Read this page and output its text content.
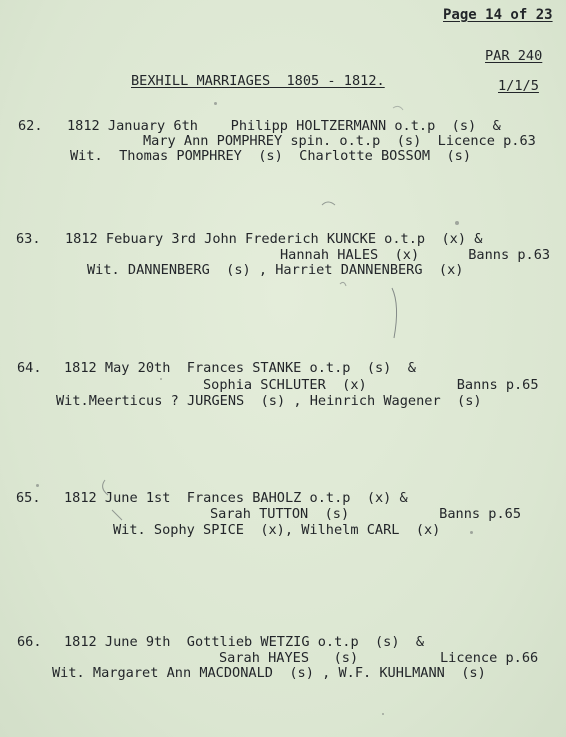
Page 14 of 23
PAR 240
BEXHILL MARRIAGES  1805 - 1812.	1/1/5
62. 1812 January 6th    Philipp HOLTZERMANN o.t.p  (s)  &
Mary Ann POMPHREY spin. o.t.p  (s)  Licence p.63
Wit.  Thomas POMPHREY  (s)  Charlotte BOSSOM  (s)
63. 1812 Febuary 3rd John Frederich KUNCKE o.t.p  (x) &
Hannah HALES  (x)      Banns p.63
Wit. DANNENBERG  (s) , Harriet DANNENBERG  (x)
64. 1812 May 20th  Frances STANKE o.t.p  (s)  &
Sophia SCHLUTER  (x)           Banns p.65
Wit.Meerticus ? JURGENS  (s) , Heinrich Wagener  (s)
65. 1812 June 1st  Frances BAHOLZ o.t.p  (x) &
Sarah TUTTON  (s)           Banns p.65
Wit. Sophy SPICE  (x), Wilhelm CARL  (x)
66. 1812 June 9th  Gottlieb WETZIG o.t.p  (s)  &
Sarah HAYES   (s)          Licence p.66
Wit. Margaret Ann MACDONALD  (s) , W.F. KUHLMANN  (s)
